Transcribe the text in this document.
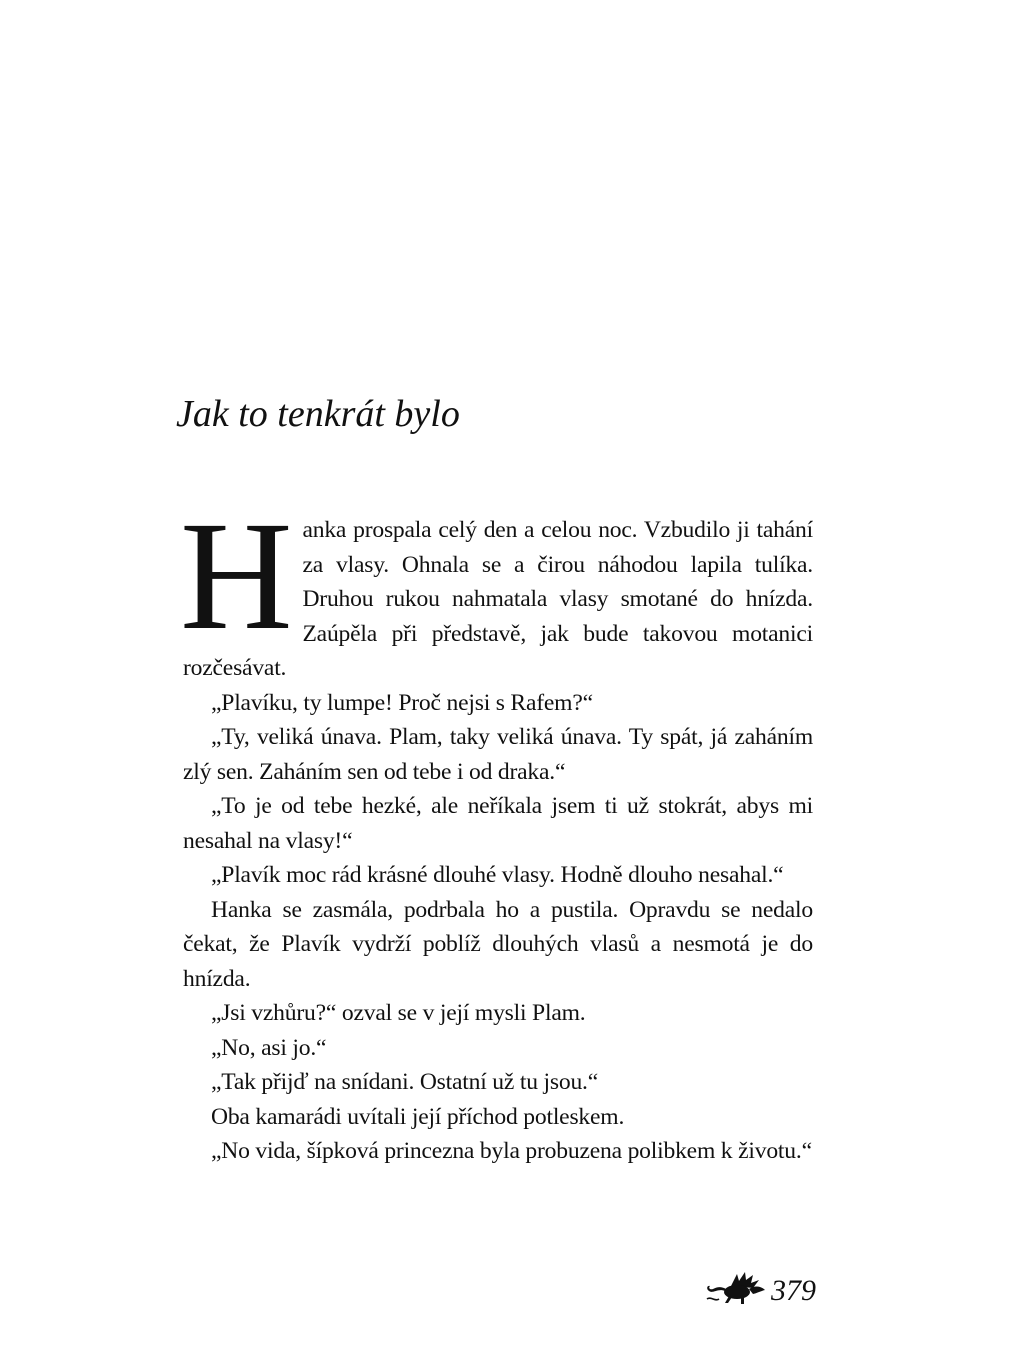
Jak to tenkrát bylo

Hanka prospala celý den a celou noc. Vzbudilo ji tahání za vlasy. Ohnala se a čirou náhodou lapila tulíka. Druhou rukou nahmatala vlasy smotané do hnízda. Zaúpěla při představě, jak bude takovou motanici rozčesávat.

„Plavíku, ty lumpe! Proč nejsi s Rafem?“

„Ty, veliká únava. Plam, taky veliká únava. Ty spát, já zaháním zlý sen. Zaháním sen od tebe i od draka.“

„To je od tebe hezké, ale neříkala jsem ti už stokrát, abys mi nesahal na vlasy!“

„Plavík moc rád krásné dlouhé vlasy. Hodně dlouho nesahal.“

Hanka se zasmála, podrbala ho a pustila. Opravdu se nedalo čekat, že Plavík vydrží poblíž dlouhých vlasů a nesmotá je do hnízda.

„Jsi vzhůru?“ ozval se v její mysli Plam.

„No, asi jo.“

„Tak přijď na snídani. Ostatní už tu jsou.“

Oba kamarádi uvítali její příchod potleskem.

„No vida, šípková princezna byla probuzena polibkem k životu.“

379
